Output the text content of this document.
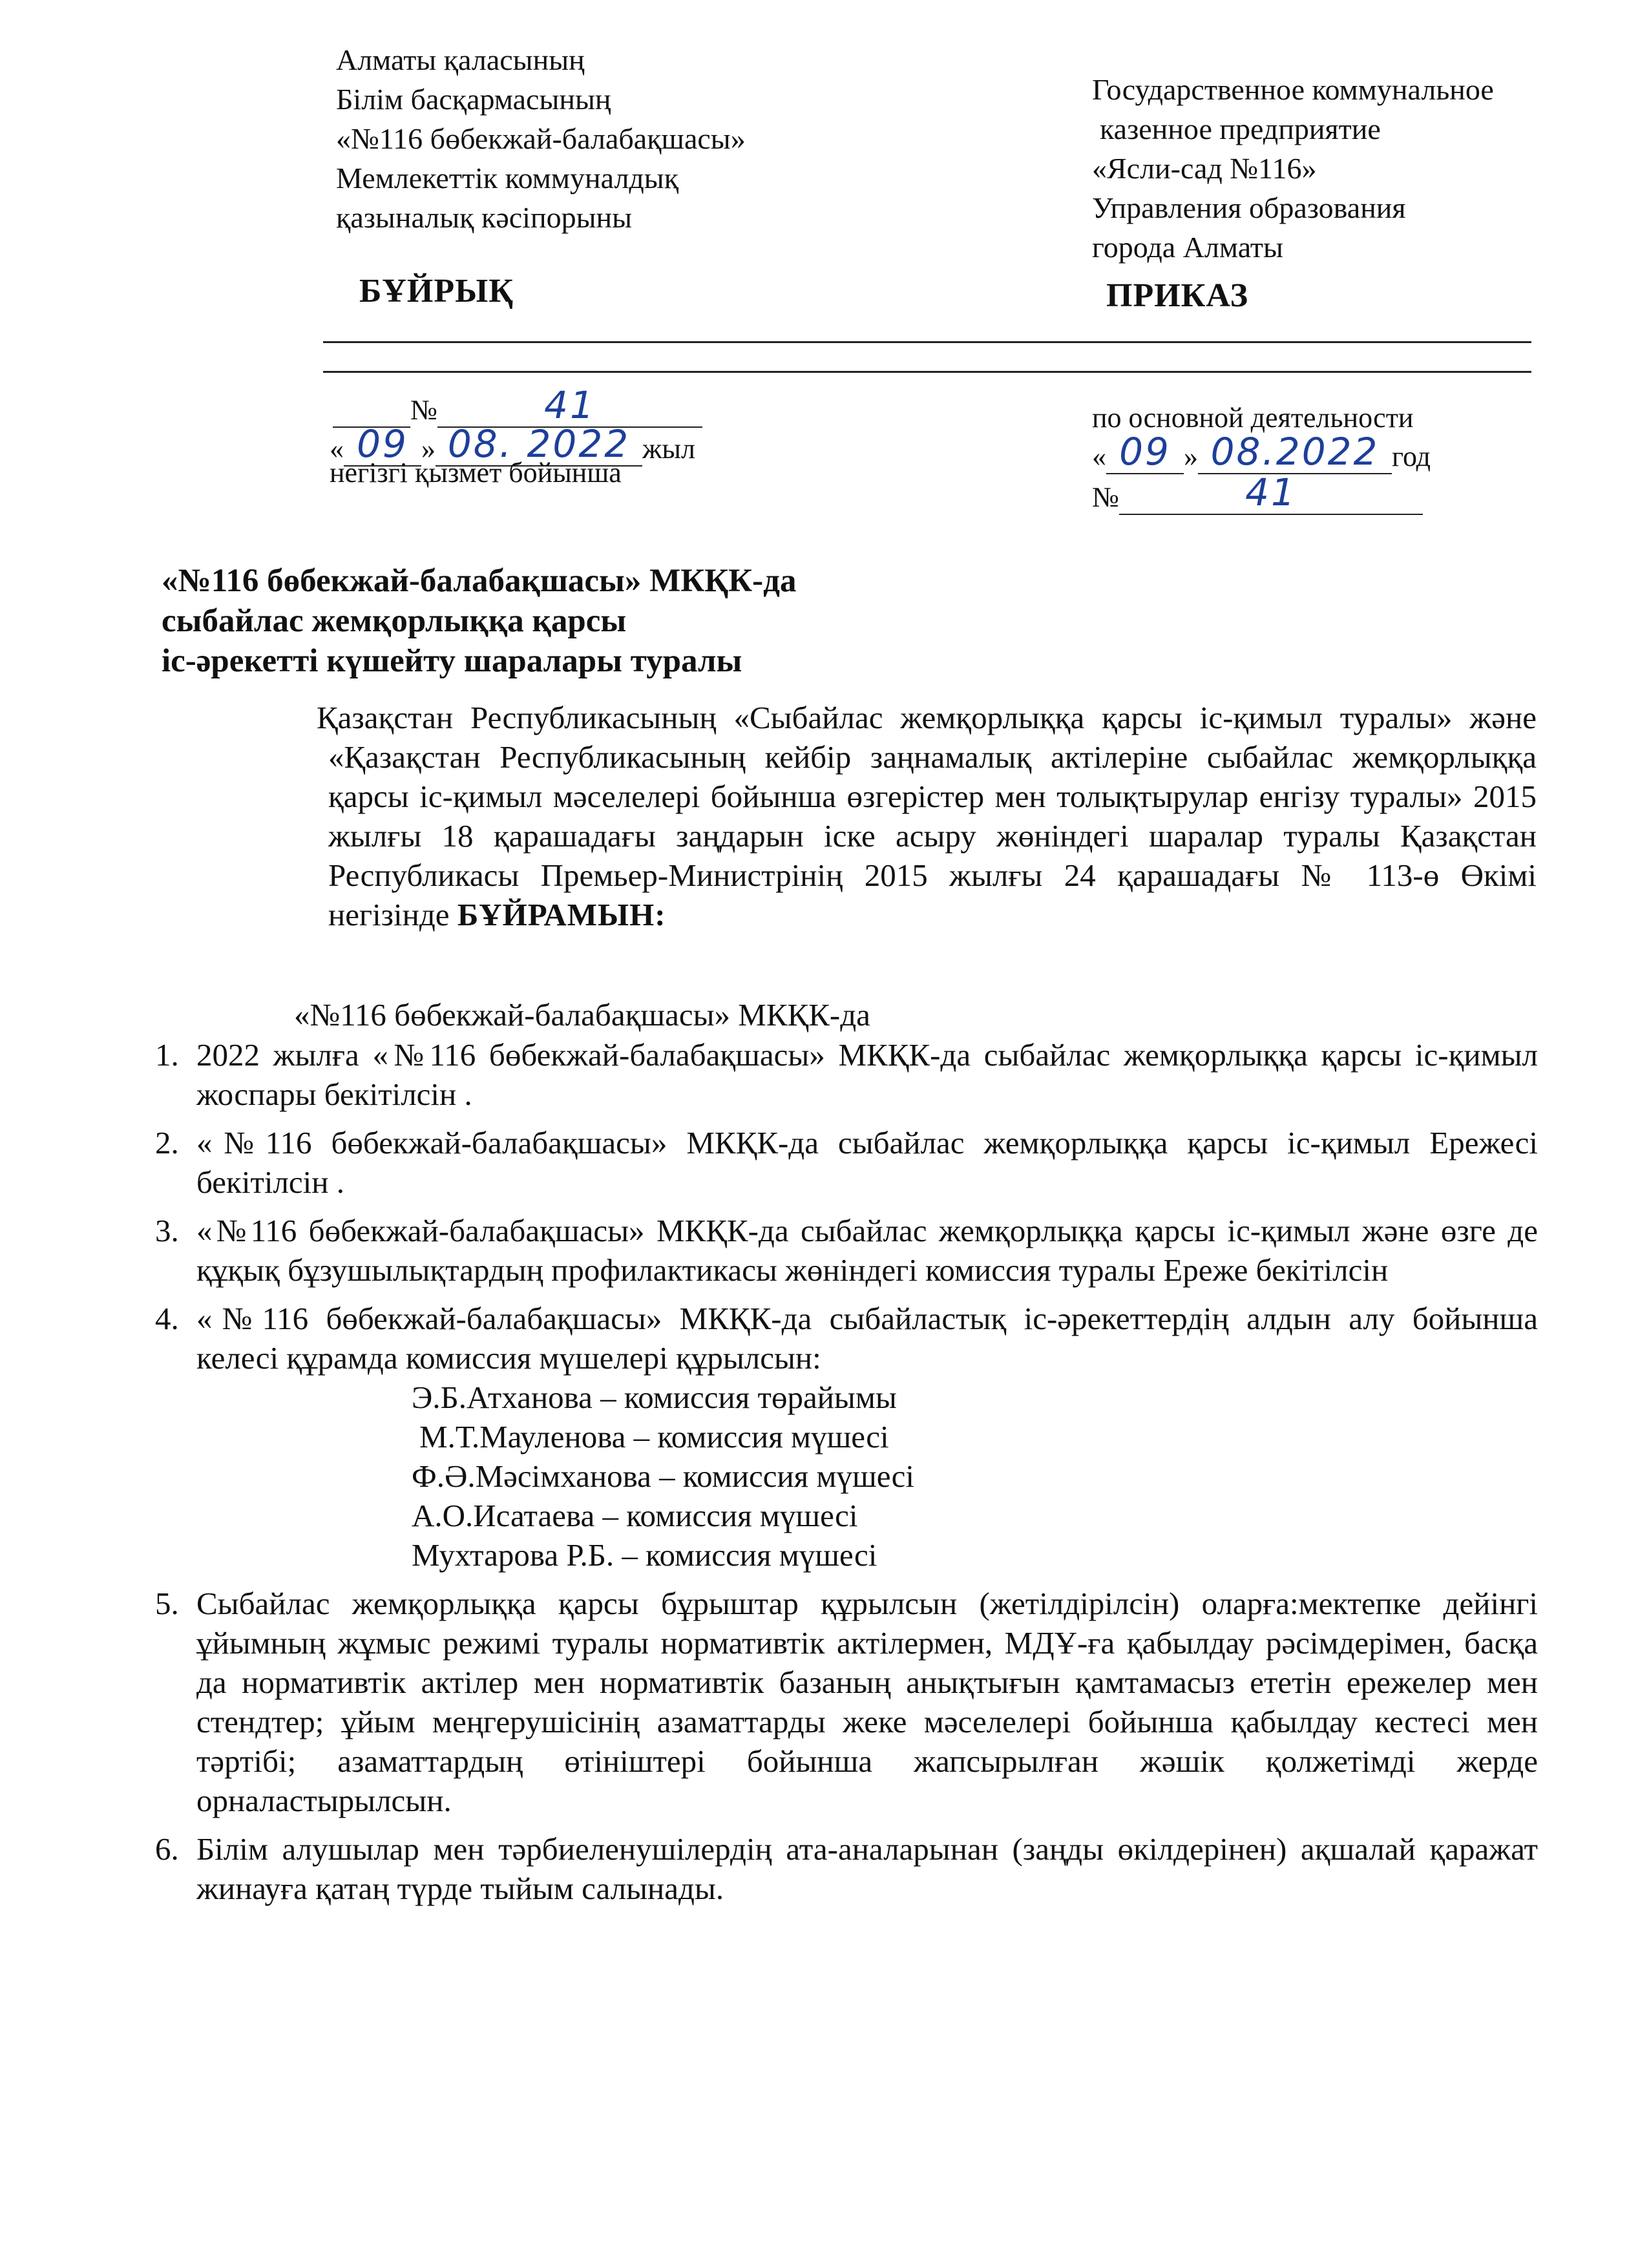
Алматы қаласының
Білім басқармасының
«№116 бөбекжай-балабақшасы»
Мемлекеттік коммуналдық
қазыналық кәсіпорыны
Государственное коммунальное
казенное предприятие
«Ясли-сад №116»
Управления образования
города Алматы
БҰЙРЫҚ	ПРИКАЗ
№	41
« 09 » 08. 2022 жыл
негізгі қызмет бойынша
по основной деятельности
« 09 » 08.2022 год
№	41
«№116 бөбекжай-балабақшасы» МКҚК-да
сыбайлас жемқорлыққа қарсы
іс-әрекетті күшейту шаралары туралы
Қазақстан Республикасының «Сыбайлас жемқорлыққа қарсы іс-қимыл туралы» және «Қазақстан Республикасының кейбір заңнамалық актілеріне сыбайлас жемқорлыққа қарсы іс-қимыл мәселелері бойынша өзгерістер мен толықтырулар енгізу туралы» 2015 жылғы 18 қарашадағы заңдарын іске асыру жөніндегі шаралар туралы Қазақстан Республикасы Премьер-Министрінің 2015 жылғы 24 қарашадағы № 113-ө Өкімі негізінде БҰЙРАМЫН:
«№116 бөбекжай-балабақшасы» МКҚК-да
1. 2022 жылға «№116 бөбекжай-балабақшасы» МКҚК-да сыбайлас жемқорлыққа қарсы іс-қимыл жоспары бекітілсін .
2. «№116 бөбекжай-балабақшасы» МКҚК-да сыбайлас жемқорлыққа қарсы іс-қимыл Ережесі бекітілсін .
3. «№116 бөбекжай-балабақшасы» МКҚК-да сыбайлас жемқорлыққа қарсы іс-қимыл және өзге де құқық бұзушылықтардың профилактикасы жөніндегі комиссия туралы Ереже бекітілсін
4. «№116 бөбекжай-балабақшасы» МКҚК-да сыбайластық іс-әрекеттердің алдын алу бойынша келесі құрамда комиссия мүшелері құрылсын:
Э.Б.Атханова – комиссия төрайымы
М.Т.Мауленова – комиссия мүшесі
Ф.Ә.Мәсімханова – комиссия мүшесі
А.О.Исатаева – комиссия мүшесі
Мухтарова Р.Б. – комиссия мүшесі
5. Сыбайлас жемқорлыққа қарсы бұрыштар құрылсын (жетілдірілсін) оларға:мектепке дейінгі ұйымның жұмыс режимі туралы нормативтік актілермен, МДҰ-ға қабылдау рәсімдерімен, басқа да нормативтік актілер мен нормативтік базаның анықтығын қамтамасыз ететін ережелер мен стендтер; ұйым меңгерушісінің азаматтарды жеке мәселелері бойынша қабылдау кестесі мен тәртібі; азаматтардың өтініштері бойынша жапсырылған жәшік қолжетімді жерде орналастырылсын.
6. Білім алушылар мен тәрбиеленушілердің ата-аналарынан (заңды өкілдерінен) ақшалай қаражат жинауға қатаң түрде тыйым салынады.
